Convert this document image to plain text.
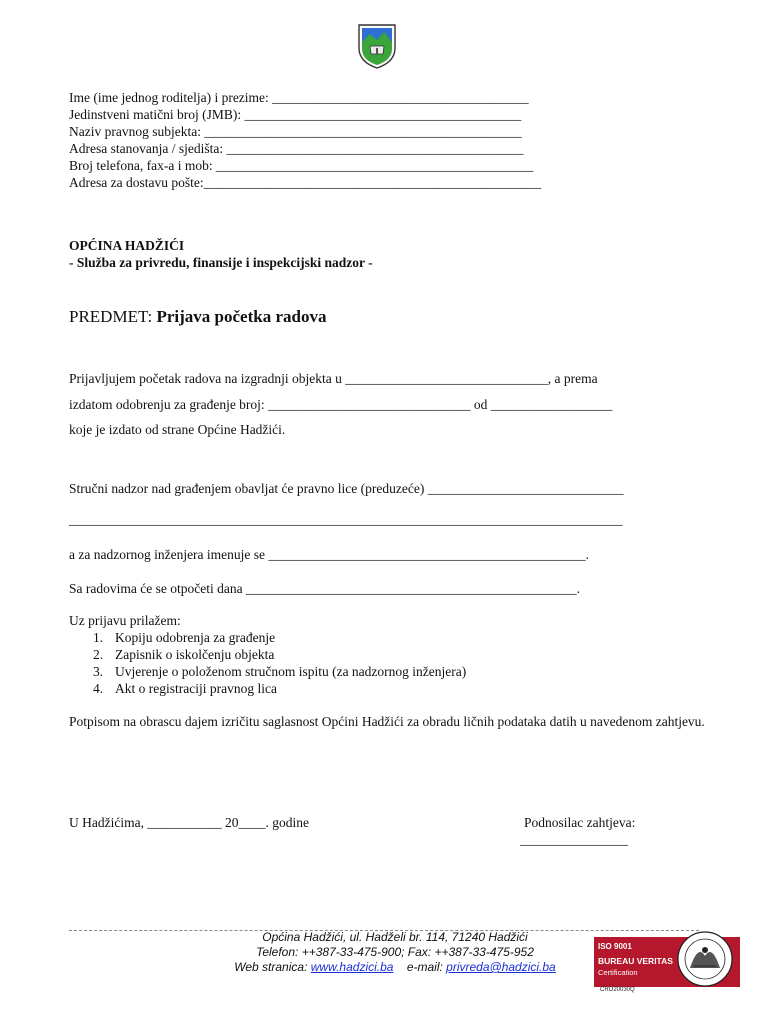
Ime (ime jednog roditelja) i prezime: ______________________________________
Jedinstveni matični broj (JMB): _________________________________________
Naziv pravnog subjekta: _______________________________________________
Adresa stanovanja / sjedišta: ____________________________________________
Broj telefona, fax-a i mob: _______________________________________________
Adresa za dostavu pošte:__________________________________________________
OPĆINA HADŽIĆI
- Služba za privredu, finansije i inspekcijski nadzor -
PREDMET: Prijava početka radova
Prijavljujem početak radova na izgradnji objekta u ______________________________, a prema
izdatom odobrenju za građenje broj: ______________________________ od __________________
koje je izdato od strane Općine Hadžići.
Stručni nadzor nad građenjem obavljat će pravno lice (preduzeće) _____________________________
__________________________________________________________________________________
a za nadzornog inženjera imenuje se _______________________________________________.
Sa radovima će se otpočeti dana _________________________________________________.
Uz prijavu prilažem:
1. Kopiju odobrenja za građenje
2. Zapisnik o iskolčenju objekta
3. Uvjerenje o položenom stručnom ispitu (za nadzornog inženjera)
4. Akt o registraciji pravnog lica
Potpisom na obrascu dajem izričitu saglasnost Općini Hadžići za obradu ličnih podataka datih u navedenom zahtjevu.
U Hadžićima, ___________ 20____. godine	Podnosilac zahtjeva:
________________
Općina Hadžići, ul. Hadželi br. 114, 71240 Hadžići
Telefon: ++387-33-475-900; Fax: ++387-33-475-952
Web stranica: www.hadzici.ba e-mail: privreda@hadzici.ba
ISO 9001
BUREAU VERITAS
Certification
CRO20030Q
